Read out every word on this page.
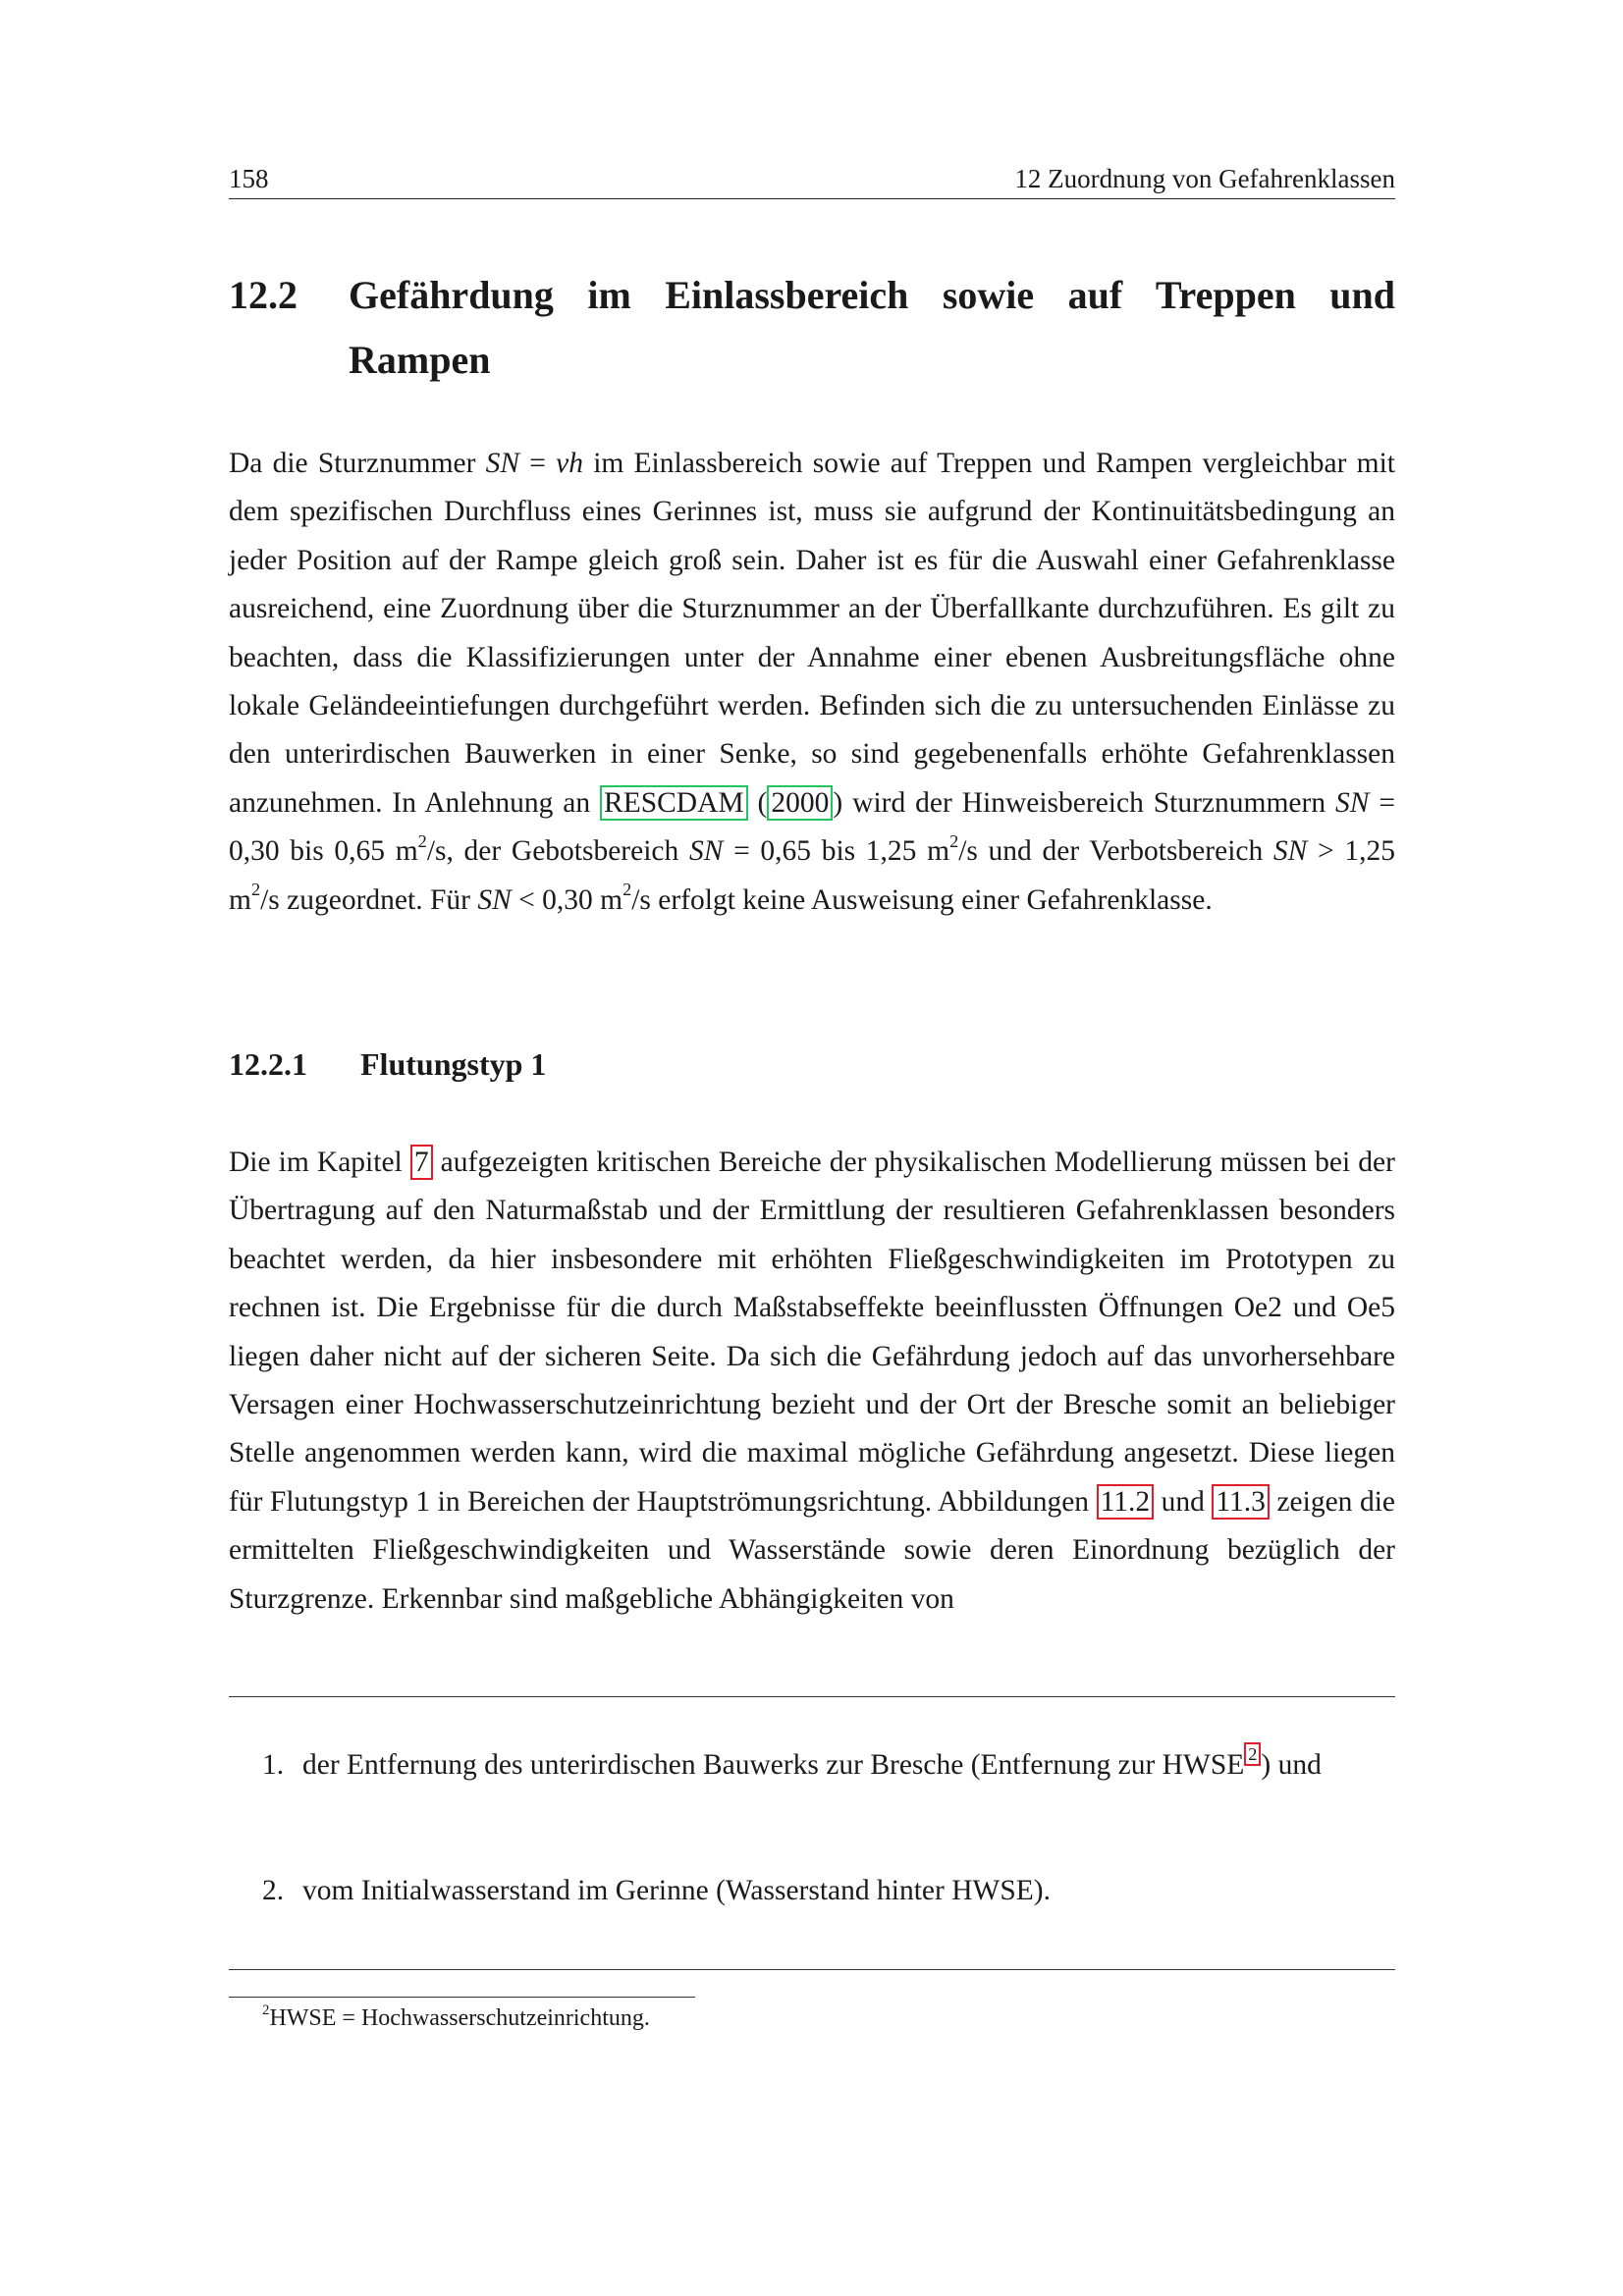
158	12 Zuordnung von Gefahrenklassen
12.2 Gefährdung im Einlassbereich sowie auf Treppen und Rampen

Da die Sturznummer SN = vh im Einlassbereich sowie auf Treppen und Rampen vergleichbar mit dem spezifischen Durchfluss eines Gerinnes ist, muss sie aufgrund der Kontinuitätsbedingung an jeder Position auf der Rampe gleich groß sein. Daher ist es für die Auswahl einer Gefahrenklasse ausreichend, eine Zuordnung über die Sturznummer an der Überfallkante durchzuführen. Es gilt zu beachten, dass die Klassifizierungen unter der Annahme einer ebenen Ausbreitungsfläche ohne lokale Geländeeintiefungen durchgeführt werden. Befinden sich die zu untersuchenden Einlässe zu den unterirdischen Bauwerken in einer Senke, so sind gegebenenfalls erhöhte Gefahrenklassen anzunehmen. In Anlehnung an RESCDAM ( 2000 ) wird der Hinweisbereich Sturznummern SN = 0,30 bis 0,65 $m^2/s$, der Gebotsbereich SN = 0,65 bis 1,25 $m^2/s$ und der Verbotsbereich SN > 1,25 $m^2/s$ zugeordnet. Für SN < 0,30 $m^2/s$ erfolgt keine Ausweisung einer Gefahrenklasse.

12.2.1 Flutungstyp 1

Die im Kapitel 7 aufgezeigten kritischen Bereiche der physikalischen Modellierung müssen bei der Übertragung auf den Naturmaßstab und der Ermittlung der resultieren Gefahrenklassen besonders beachtet werden, da hier insbesondere mit erhöhten Fließgeschwindigkeiten im Prototypen zu rechnen ist. Die Ergebnisse für die durch Maßstabseffekte beeinflussten Öffnungen Oe2 und Oe5 liegen daher nicht auf der sicheren Seite. Da sich die Gefährdung jedoch auf das unvorhersehbare Versagen einer Hochwasserschutzeinrichtung bezieht und der Ort der Bresche somit an beliebiger Stelle angenommen werden kann, wird die maximal mögliche Gefährdung angesetzt. Diese liegen für Flutungstyp 1 in Bereichen der Hauptströmungsrichtung. Abbildungen 11.2 und 11.3 zeigen die ermittelten Fließgeschwindigkeiten und Wasserstände sowie deren Einordnung bezüglich der Sturzgrenze. Erkennbar sind maßgebliche Abhängigkeiten von

1. der Entfernung des unterirdischen Bauwerks zur Bresche (Entfernung zur HWSE $^2$ ) und
2. vom Initialwasserstand im Gerinne (Wasserstand hinter HWSE).
$^2$HWSE = Hochwasserschutzeinrichtung.
